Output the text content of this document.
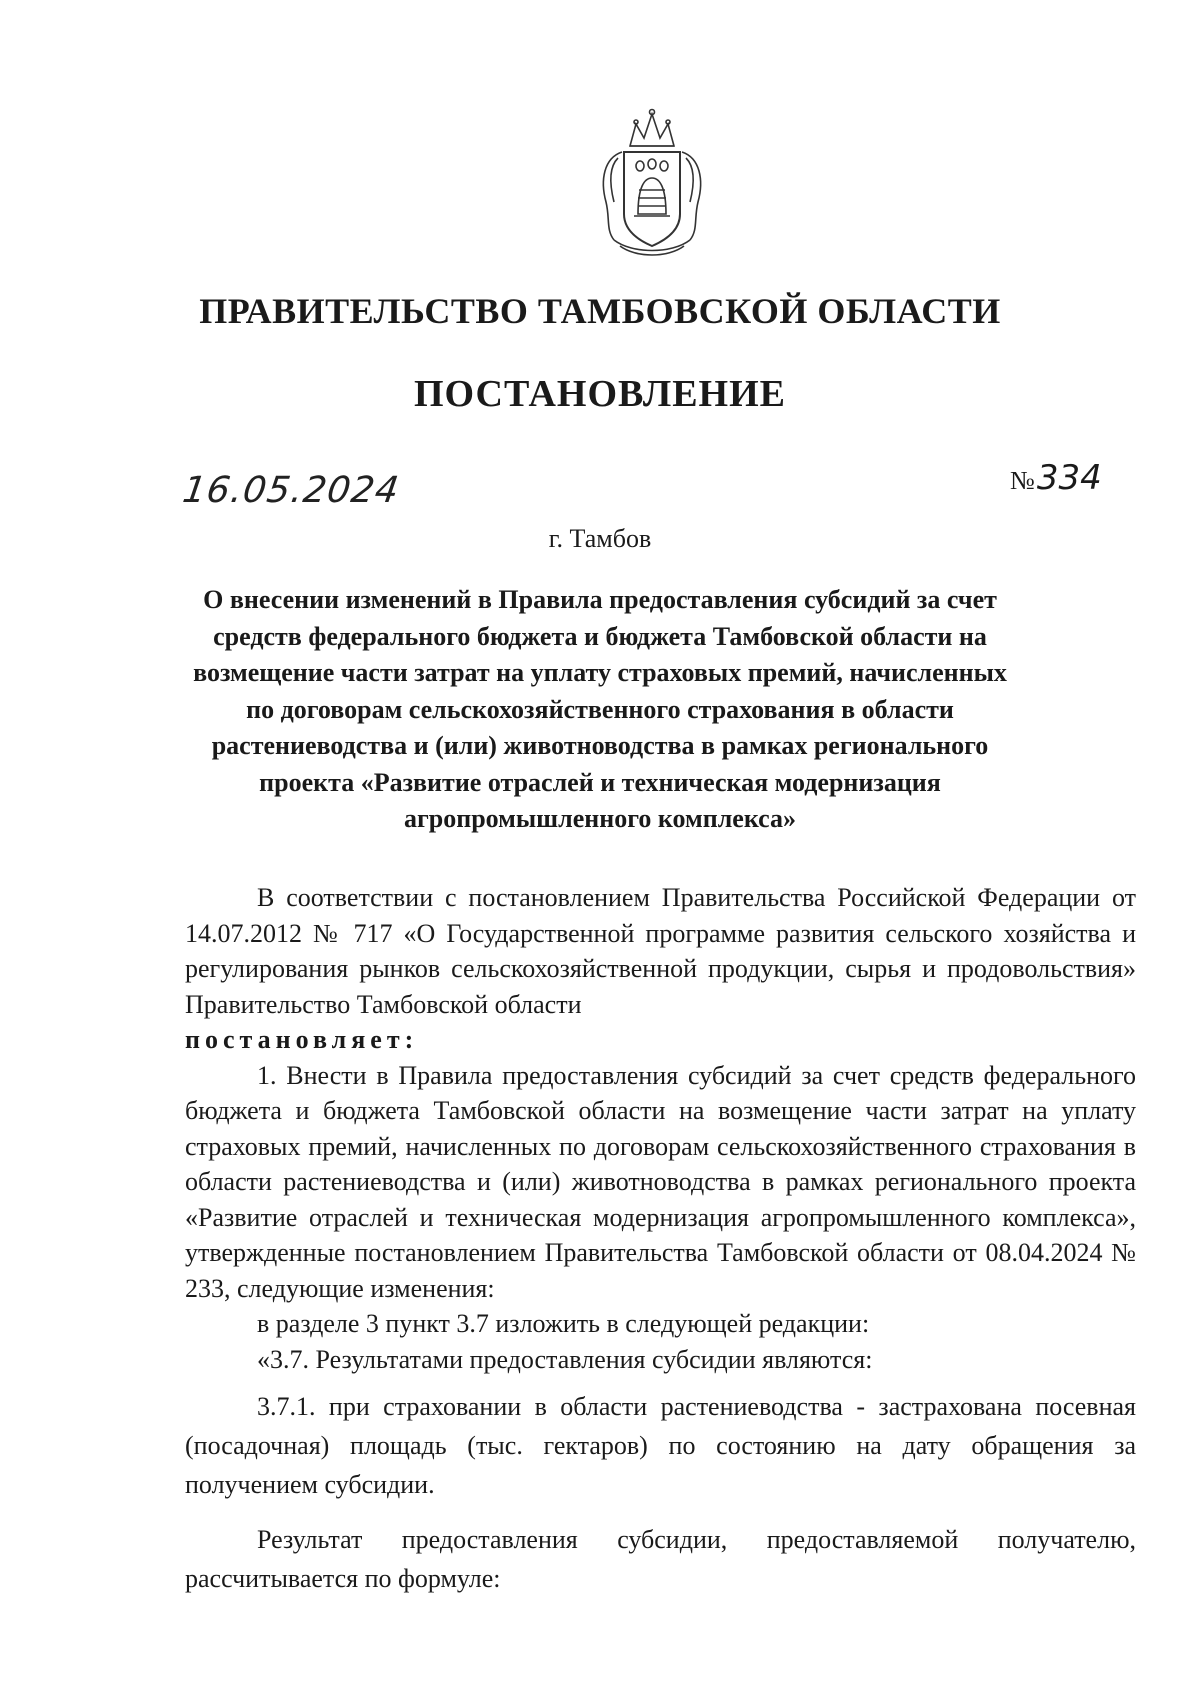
ПРАВИТЕЛЬСТВО ТАМБОВСКОЙ ОБЛАСТИ
ПОСТАНОВЛЕНИЕ
16.05.2024	№334
г. Тамбов
О внесении изменений в Правила предоставления субсидий за счет средств федерального бюджета и бюджета Тамбовской области на возмещение части затрат на уплату страховых премий, начисленных по договорам сельскохозяйственного страхования в области растениеводства и (или) животноводства в рамках регионального проекта «Развитие отраслей и техническая модернизация агропромышленного комплекса»

В соответствии с постановлением Правительства Российской Федерации от 14.07.2012 № 717 «О Государственной программе развития сельского хозяйства и регулирования рынков сельскохозяйственной продукции, сырья и продовольствия» Правительство Тамбовской области

постановляет:

1. Внести в Правила предоставления субсидий за счет средств федерального бюджета и бюджета Тамбовской области на возмещение части затрат на уплату страховых премий, начисленных по договорам сельскохозяйственного страхования в области растениеводства и (или) животноводства в рамках регионального проекта «Развитие отраслей и техническая модернизация агропромышленного комплекса», утвержденные постановлением Правительства Тамбовской области от 08.04.2024 № 233, следующие изменения:

в разделе 3 пункт 3.7 изложить в следующей редакции:

«3.7. Результатами предоставления субсидии являются:

3.7.1. при страховании в области растениеводства - застрахована посевная (посадочная) площадь (тыс. гектаров) по состоянию на дату обращения за получением субсидии.

Результат предоставления субсидии, предоставляемой получателю, рассчитывается по формуле:
